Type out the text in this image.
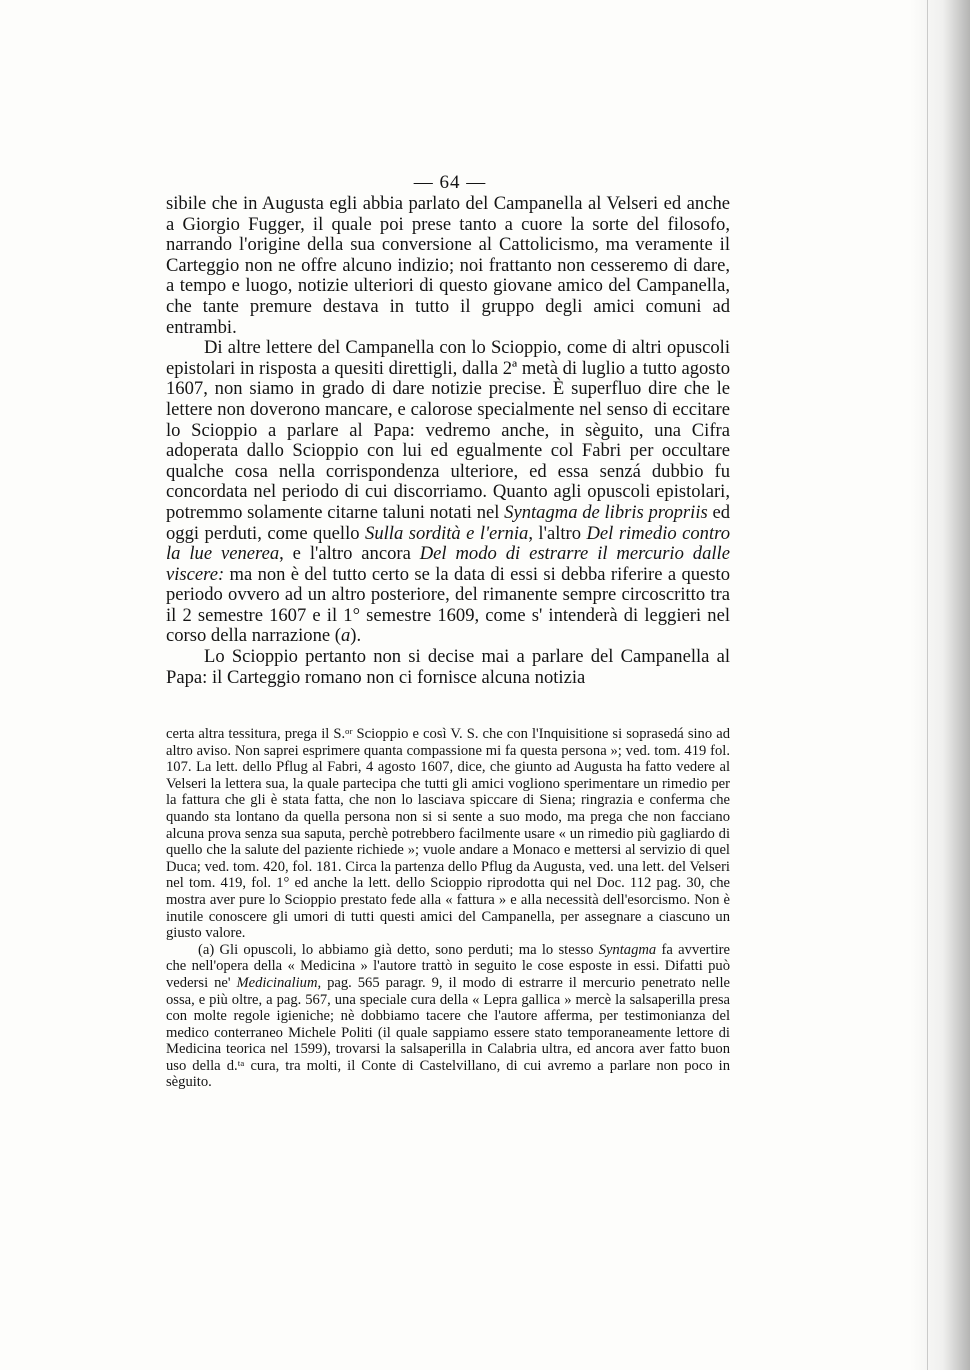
— 64 —

sibile che in Augusta egli abbia parlato del Campanella al Velseri ed anche a Giorgio Fugger, il quale poi prese tanto a cuore la sorte del filosofo, narrando l'origine della sua conversione al Cattolicismo, ma veramente il Carteggio non ne offre alcuno indizio; noi frattanto non cesseremo di dare, a tempo e luogo, notizie ulteriori di questo giovane amico del Campanella, che tante premure destava in tutto il gruppo degli amici comuni ad entrambi.

Di altre lettere del Campanella con lo Scioppio, come di altri opuscoli epistolari in risposta a quesiti direttigli, dalla 2ª metà di luglio a tutto agosto 1607, non siamo in grado di dare notizie precise. È superfluo dire che le lettere non doverono mancare, e calorose specialmente nel senso di eccitare lo Scioppio a parlare al Papa: vedremo anche, in sèguito, una Cifra adoperata dallo Scioppio con lui ed egualmente col Fabri per occultare qualche cosa nella corrispondenza ulteriore, ed essa senzá dubbio fu concordata nel periodo di cui discorriamo. Quanto agli opuscoli epistolari, potremmo solamente citarne taluni notati nel Syntagma de libris propriis ed oggi perduti, come quello Sulla sordità e l'ernia, l'altro Del rimedio contro la lue venerea, e l'altro ancora Del modo di estrarre il mercurio dalle viscere: ma non è del tutto certo se la data di essi si debba riferire a questo periodo ovvero ad un altro posteriore, del rimanente sempre circoscritto tra il 2 semestre 1607 e il 1° semestre 1609, come s' intenderà di leggieri nel corso della narrazione (a).

Lo Scioppio pertanto non si decise mai a parlare del Campanella al Papa: il Carteggio romano non ci fornisce alcuna notizia

certa altra tessitura, prega il S.ᵒʳ Scioppio e così V. S. che con l'Inquisitione si soprasedá sino ad altro aviso. Non saprei esprimere quanta compassione mi fa questa persona »; ved. tom. 419 fol. 107. La lett. dello Pflug al Fabri, 4 agosto 1607, dice, che giunto ad Augusta ha fatto vedere al Velseri la lettera sua, la quale partecipa che tutti gli amici vogliono sperimentare un rimedio per la fattura che gli è stata fatta, che non lo lasciava spiccare di Siena; ringrazia e conferma che quando sta lontano da quella persona non si si sente a suo modo, ma prega che non facciano alcuna prova senza sua saputa, perchè potrebbero facilmente usare « un rimedio più gagliardo di quello che la salute del paziente richiede »; vuole andare a Monaco e mettersi al servizio di quel Duca; ved. tom. 420, fol. 181. Circa la partenza dello Pflug da Augusta, ved. una lett. del Velseri nel tom. 419, fol. 1° ed anche la lett. dello Scioppio riprodotta qui nel Doc. 112 pag. 30, che mostra aver pure lo Scioppio prestato fede alla « fattura » e alla necessità dell'esorcismo. Non è inutile conoscere gli umori di tutti questi amici del Campanella, per assegnare a ciascuno un giusto valore.

(a) Gli opuscoli, lo abbiamo già detto, sono perduti; ma lo stesso Syntagma fa avvertire che nell'opera della « Medicina » l'autore trattò in seguito le cose esposte in essi. Difatti può vedersi ne' Medicinalium, pag. 565 paragr. 9, il modo di estrarre il mercurio penetrato nelle ossa, e più oltre, a pag. 567, una speciale cura della « Lepra gallica » mercè la salsaperilla presa con molte regole igieniche; nè dobbiamo tacere che l'autore afferma, per testimonianza del medico conterraneo Michele Politi (il quale sappiamo essere stato temporaneamente lettore di Medicina teorica nel 1599), trovarsi la salsaperilla in Calabria ultra, ed ancora aver fatto buon uso della d.ᵗᵃ cura, tra molti, il Conte di Castelvillano, di cui avremo a parlare non poco in sèguito.
